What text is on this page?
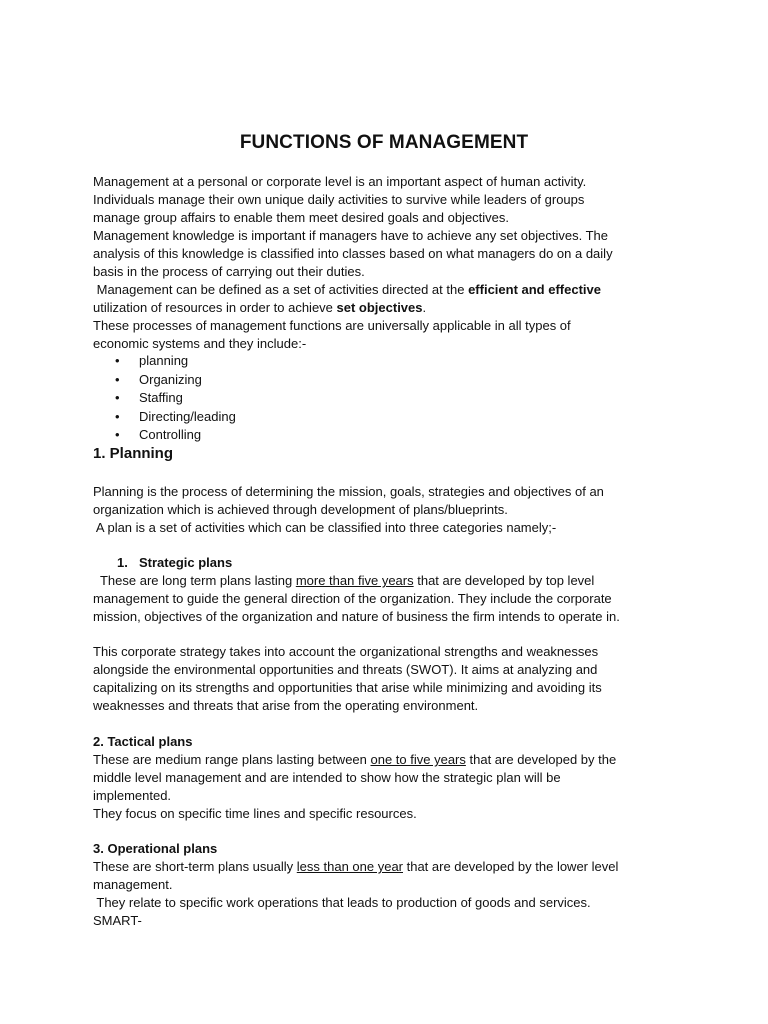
FUNCTIONS OF MANAGEMENT
Management at a personal or corporate level is an important aspect of human activity.
Individuals manage their own unique daily activities to survive while leaders of groups
manage group affairs to enable them meet desired goals and objectives.
Management knowledge is important if managers have to achieve any set objectives. The
analysis of this knowledge is classified into classes based on what managers do on a daily
basis in the process of carrying out their duties.
Management can be defined as a set of activities directed at the efficient and effective
utilization of resources in order to achieve set objectives.
These processes of management functions are universally applicable in all types of
economic systems and they include:-
• planning
• Organizing
• Staffing
• Directing/leading
• Controlling
1. Planning
Planning is the process of determining the mission, goals, strategies and objectives of an
organization which is achieved through development of plans/blueprints.
A plan is a set of activities which can be classified into three categories namely;-
1. Strategic plans
These are long term plans lasting more than five years that are developed by top level
management to guide the general direction of the organization. They include the corporate
mission, objectives of the organization and nature of business the firm intends to operate in.
This corporate strategy takes into account the organizational strengths and weaknesses
alongside the environmental opportunities and threats (SWOT). It aims at analyzing and
capitalizing on its strengths and opportunities that arise while minimizing and avoiding its
weaknesses and threats that arise from the operating environment.
2. Tactical plans
These are medium range plans lasting between one to five years that are developed by the
middle level management and are intended to show how the strategic plan will be
implemented.
They focus on specific time lines and specific resources.
3. Operational plans
These are short-term plans usually less than one year that are developed by the lower level
management.
They relate to specific work operations that leads to production of goods and services.
SMART-
